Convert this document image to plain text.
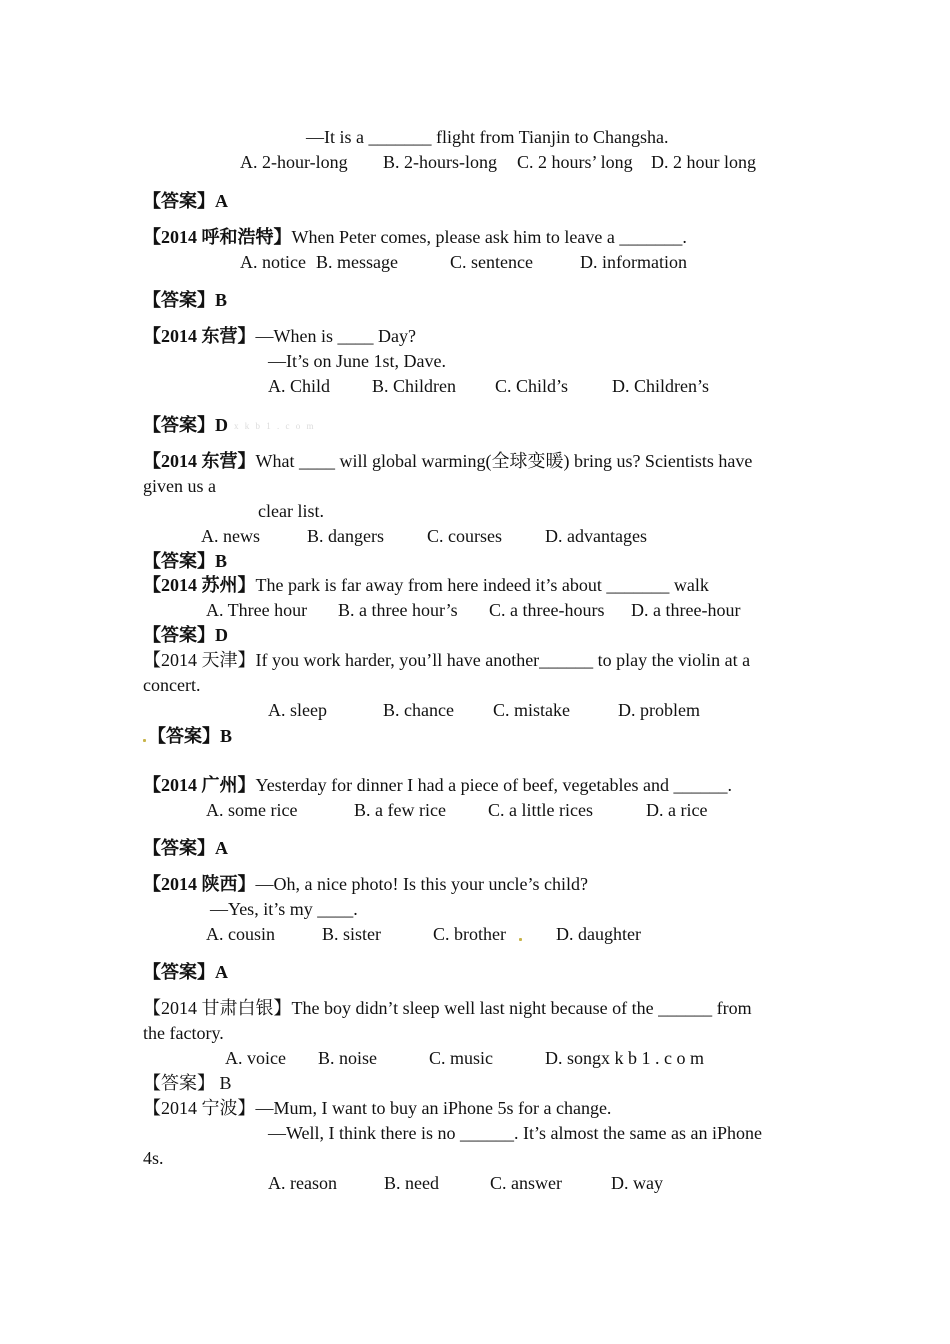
—It is a _______ flight from Tianjin to Changsha.
A. 2-hour-long B. 2-hours-long C. 2 hours’ long D. 2 hour long
【答案】A
【2014 呼和浩特】When Peter comes, please ask him to leave a _______.
A. notice B. message	C. sentence	D. information
【答案】B
【2014 东营】—When is ____ Day?
—It’s on June 1st, Dave.
A. Child B. Children C. Child’s D. Children’s
【答案】D x k b 1 . c o m
【2014 东营】What ____ will global warming(全球变暖) bring us? Scientists have
given us a
clear list.
A. news	B. dangers C. courses D. advantages
【答案】B
【2014 苏州】The park is far away from here indeed it’s about _______ walk
A. Three hour B. a three hour’s C. a three-hours D. a three-hour
【答案】D
【2014 天津】If you work harder, you’ll have another______ to play the violin at a
concert.
A. sleep	B. chance C. mistake	D. problem
【答案】B
【2014 广州】Yesterday for dinner I had a piece of beef, vegetables and ______.
A. some rice	B. a few rice C. a little rices	D. a rice
【答案】A
【2014 陕西】—Oh, a nice photo! Is this your uncle’s child?
—Yes, it’s my ____.
A. cousin	B. sister	C. brother	D. daughter
【答案】A
【2014 甘肃白银】The boy didn’t sleep well last night because of the ______ from
the factory.
A. voice B. noise	C. music	D. songx k b 1 . c o m
【答案】 B
【2014 宁波】—Mum, I want to buy an iPhone 5s for a change.
—Well, I think there is no ______. It’s almost the same as an iPhone
4s.
A. reason	B. need	C. answer	D. way
